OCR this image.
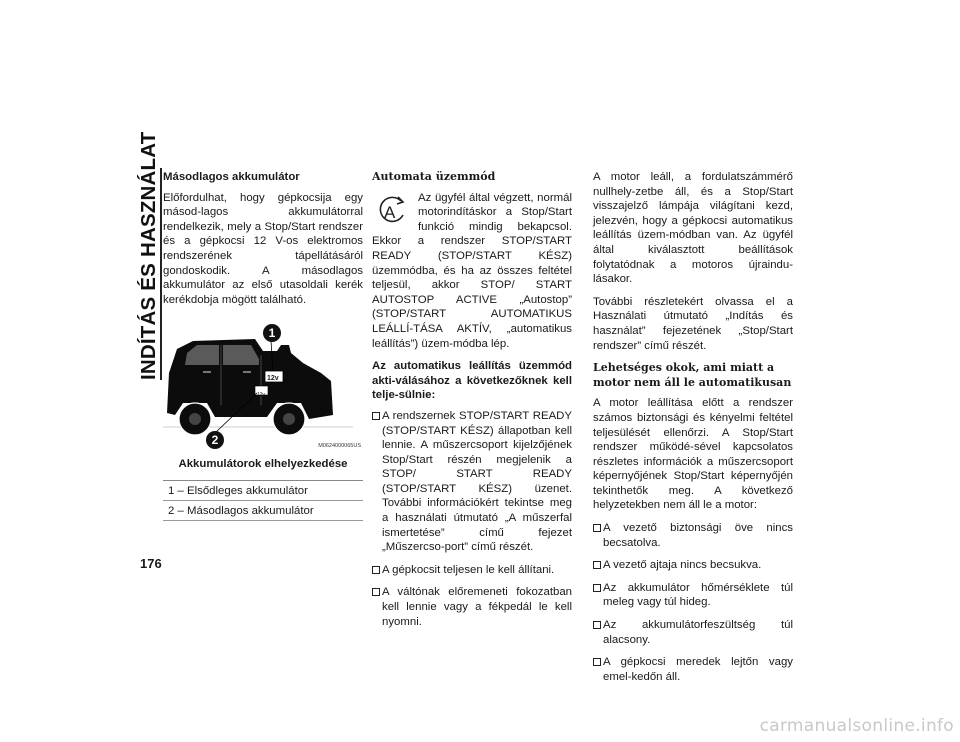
INDÍTÁS ÉS HASZNÁLAT
176
Másodlagos akkumulátor

Előfordulhat, hogy gépkocsija egy másod-lagos akkumulátorral rendelkezik, mely a Stop/Start rendszer és a gépkocsi 12 V-os elektromos rendszerének tápellátásáról gondoskodik. A másodlagos akkumulátor az első utasoldali kerék kerékdobja mögött található.

1
2
12v
12v
M0624000065US
Akkumulátorok elhelyezkedése
1 – Elsődleges akkumulátor
2 – Másodlagos akkumulátor
Automata üzemmód
A

Az ügyfél által végzett, normál motorindításkor a Stop/Start funkció mindig bekapcsol. Ekkor a rendszer STOP/START READY (STOP/START KÉSZ) üzemmódba, és ha az összes feltétel teljesül, akkor STOP/ START AUTOSTOP ACTIVE „Autostop” (STOP/START AUTOMATIKUS LEÁLLÍ-TÁSA AKTÍV, „automatikus leállítás”) üzem-módba lép.

Az automatikus leállítás üzemmód akti-válásához a következőknek kell telje-sülnie:
A rendszernek STOP/START READY (STOP/START KÉSZ) állapotban kell lennie. A műszercsoport kijelzőjének Stop/Start részén megjelenik a STOP/ START READY (STOP/START KÉSZ) üzenet. További információkért tekintse meg a használati útmutató „A műszerfal ismertetése” című fejezet „Műszercso-port” című részét.
A gépkocsit teljesen le kell állítani.
A váltónak előremeneti fokozatban kell lennie vagy a fékpedál le kell nyomni.

A motor leáll, a fordulatszámmérő nullhely-zetbe áll, és a Stop/Start visszajelző lámpája világítani kezd, jelezvén, hogy a gépkocsi automatikus leállítás üzem-módban van. Az ügyfél által kiválasztott beállítások folytatódnak a motoros újraindu-lásakor.

További részletekért olvassa el a Használati útmutató „Indítás és használat” fejezetének „Stop/Start rendszer” című részét.

Lehetséges okok, ami miatt a motor nem áll le automatikusan

A motor leállítása előtt a rendszer számos biztonsági és kényelmi feltétel teljesülését ellenőrzi. A Stop/Start rendszer működé-sével kapcsolatos részletes információk a műszercsoport képernyőjének Stop/Start képernyőjén tekinthetők meg. A következő helyzetekben nem áll le a motor:

A vezető biztonsági öve nincs becsatolva.
A vezető ajtaja nincs becsukva.
Az akkumulátor hőmérséklete túl meleg vagy túl hideg.
Az akkumulátorfeszültség túl alacsony.
A gépkocsi meredek lejtőn vagy emel-kedőn áll.
carmanualsonline.info
